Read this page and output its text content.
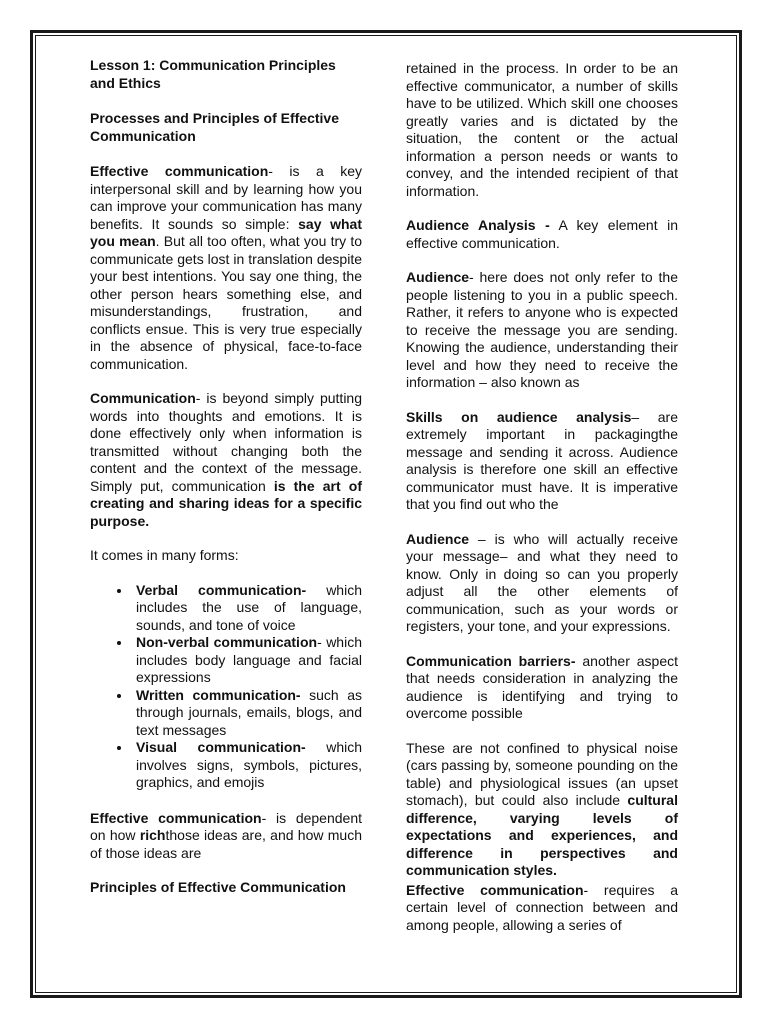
Lesson 1: Communication Principles and Ethics
Processes and Principles of Effective Communication

Effective communication- is a key interpersonal skill and by learning how you can improve your communication has many benefits. It sounds so simple: say what you mean. But all too often, what you try to communicate gets lost in translation despite your best intentions. You say one thing, the other person hears something else, and misunderstandings, frustration, and conflicts ensue. This is very true especially in the absence of physical, face-to-face communication.

Communication- is beyond simply putting words into thoughts and emotions. It is done effectively only when information is transmitted without changing both the content and the context of the message. Simply put, communication is the art of creating and sharing ideas for a specific purpose.

It comes in many forms:

• Verbal communication- which includes the use of language, sounds, and tone of voice
• Non-verbal communication- which includes body language and facial expressions
• Written communication- such as through journals, emails, blogs, and text messages
• Visual communication- which involves signs, symbols, pictures, graphics, and emojis

Effective communication- is dependent on how richthose ideas are, and how much of those ideas are

Principles of Effective Communication

retained in the process. In order to be an effective communicator, a number of skills have to be utilized. Which skill one chooses greatly varies and is dictated by the situation, the content or the actual information a person needs or wants to convey, and the intended recipient of that information.

Audience Analysis - A key element in effective communication.

Audience- here does not only refer to the people listening to you in a public speech. Rather, it refers to anyone who is expected to receive the message you are sending. Knowing the audience, understanding their level and how they need to receive the information – also known as

Skills on audience analysis– are extremely important in packagingthe message and sending it across. Audience analysis is therefore one skill an effective communicator must have. It is imperative that you find out who the

Audience – is who will actually receive your message– and what they need to know. Only in doing so can you properly adjust all the other elements of communication, such as your words or registers, your tone, and your expressions.

Communication barriers- another aspect that needs consideration in analyzing the audience is identifying and trying to overcome possible

These are not confined to physical noise (cars passing by, someone pounding on the table) and physiological issues (an upset stomach), but could also include cultural difference, varying levels of expectations and experiences, and difference in perspectives and communication styles.

Effective communication- requires a certain level of connection between and among people, allowing a series of
